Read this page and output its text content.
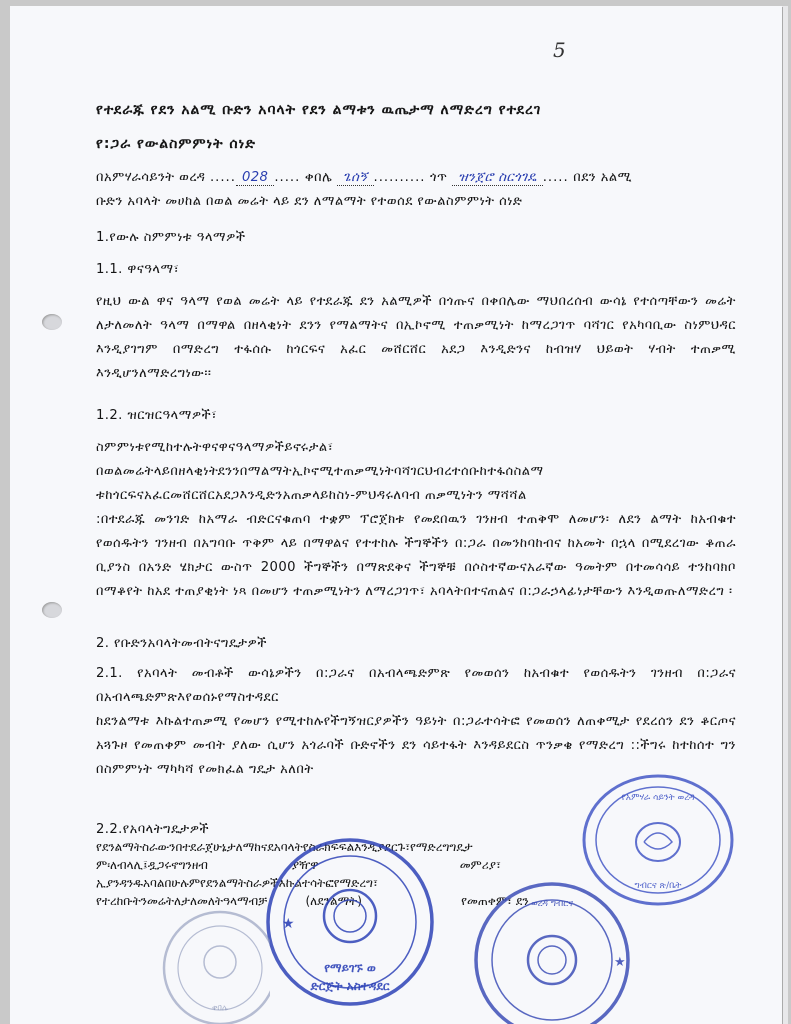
5
የተደራጁ የደን አልሚ ቡድን አባላት የደን ልማቱን ዉጤታማ ለማድረግ የተደረገ
የ:ጋራ የውልስምምነት ሰነድ
በአምሃራሳይንት ወረዳ ..... 028 ..... ቀበሌ ጌሰኝ .......... ጎጥ ዝንጀሮ ስርጎገዴ ..... በደን አልሚ
ቡድን አባላት መሀከል በወል መሬት ላይ ደን ለማልማት የተወሰደ የውልስምምነት ሰነድ
1.የውሉ ስምምነቱ ዓላማዎች
1.1. ዋናዓላማ፣
የዚህ ውል ዋና ዓላማ የወል መሬት ላይ የተደራጁ ደን አልሚዎች በጎጡና በቀበሌው ማህበረሰብ ውሳኔ የተሰጣቸውን መሬት ለታለመለት ዓላማ በማዋል በዘላቂነት ደንን የማልማትና በኢኮኖሚ ተጠቃሚነት ከማረጋገጥ ባሻገር የአካባቢው ስነምህዳር እንዲያገግም በማድረግ ተፋሰሱ ከጎርፍና አፈር መሸርሸር አደጋ እንዲድንና ከብዝሃ ህይወት ሃብት ተጠቃሚ እንዲሆንለማድረግነው፡፡
1.2. ዝርዝርዓላማዎች፣
ስምምነቱየሚከተሉትዋናዋናዓላማዎችይኖሩታል፣
በወልመሬትላይበዘላቂነትደንንበማልማትኢኮኖሚተጠቃሚነትባሻገርህብረተሰቡከተፋሰስልማ
ቱከጎርፍናአፈርመሸርሸርአደጋእንዲድንአጠቃላይከስነ-ምህዳሩለባብ ጠቃሚነትን ማሻሻል
:በተደራጁ መንገድ ከአማራ ብድርናቁጠባ ተቋም ፕሮጀክቱ የመደበዉን ገንዘብ ተጠቅሞ ለመሆን፡ ለደን ልማት ከአብቁተ የወሰዱትን ገንዘብ በአግባቡ ጥቅም ላይ በማዋልና የተተከሉ ችግኞችን በ:ጋራ በመንከባከብና ከአመት በኋላ በሚደረገው ቆጠራ ቢያንስ በአንድ ሄክታር ውስጥ 2000 ችግኞችን በማጽደቅና ችግኞቹ በሶስተኛውናአራኛው ዓመትም በተመሳሳይ ተንከባክቦ በማቆየት ከአደ ተጠያቂነት ነጻ በመሆን ተጠቃሚነትን ለማረጋገጥ፣ አባላትበተናጠልና በ:ጋራኃላፊነታቸውን እንዲወጡለማድረግ ፡
2. የቡድንአባላትመብትናግዴታዎች
2.1. የአባላት መብቶች ውሳኔዎችን በ:ጋራና በአብላጫድምጽ የመወሰን ከአብቁተ የወሰዱትን ገንዘብ በ:ጋራና በአብላጫድምጽእየወሰኑየማስተዳደር
ከደንልማቱ እኩልተጠቃሚ የመሆን የሚተከሉየችግኝዝርያዎችን ዓይነት በ:ጋራተሳትፎ የመወሰን ለጠቀሚታ የደረሰን ደን ቆርጦና አጓጉዞ የመጠቀም መብት ያለው ሲሆን አጎራባች ቡድኖችን ደን ሳይተፋት እንዳይደርስ ጥንቃቄ የማድረግ ::ችግሩ ከተከሰተ ግን በስምምነት ማካካሻ የመክፈል ግዴታ አለበት
2.2.የአባላትግዴታዎች
የደንልማትስራውንበተደራጀሁኔታለማከናደአባላትየስራክፍፍልእንዲያደርጉ፣የማድረግግዴታ
ም፡ለብላሊ፤ዷጋሩኖግንዘብ                      ያዥዋ                                     መምሪያ፣
ኢያንዳንዱአባልበሁሉምየደንልማትስራዎችእኩልተሳትፎየማድረግ፣
የተረከቡትንመሬትለታለመለትዓላማብቻ          (ለደንልማት)                          የመጠቀም፣ ደን
የአምሃራ ሳይንት ወረዳ
ግብርና ጽ/ቤት
የማይገኙ ወ
ድርጅት አስተዳደር
★
ወረዳ ግብርና
★
ቀበሌ
